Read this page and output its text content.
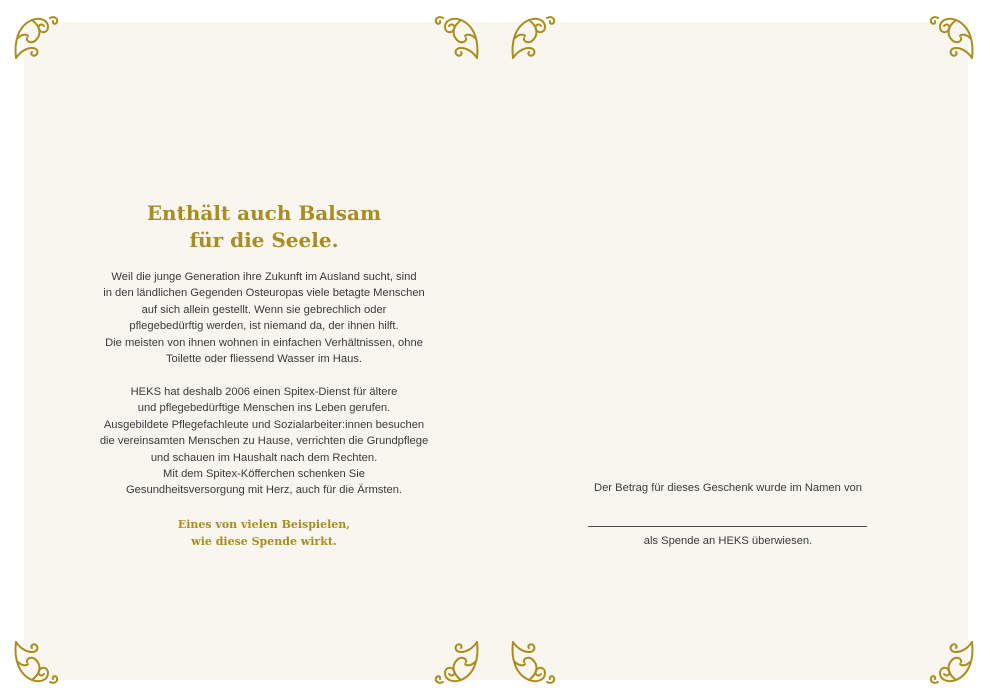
Enthält auch Balsam
für die Seele.
Weil die junge Generation ihre Zukunft im Ausland sucht, sind
in den ländlichen Gegenden Osteuropas viele betagte Menschen
auf sich allein gestellt. Wenn sie gebrechlich oder
pflegebedürftig werden, ist niemand da, der ihnen hilft.
Die meisten von ihnen wohnen in einfachen Verhältnissen, ohne
Toilette oder fliessend Wasser im Haus.
HEKS hat deshalb 2006 einen Spitex-Dienst für ältere
und pflegebedürftige Menschen ins Leben gerufen.
Ausgebildete Pflegefachleute und Sozialarbeiter:innen besuchen
die vereinsamten Menschen zu Hause, verrichten die Grundpflege
und schauen im Haushalt nach dem Rechten.
Mit dem Spitex-Köfferchen schenken Sie
Gesundheitsversorgung mit Herz, auch für die Ärmsten.
Eines von vielen Beispielen,
wie diese Spende wirkt.
Der Betrag für dieses Geschenk wurde im Namen von
als Spende an HEKS überwiesen.
